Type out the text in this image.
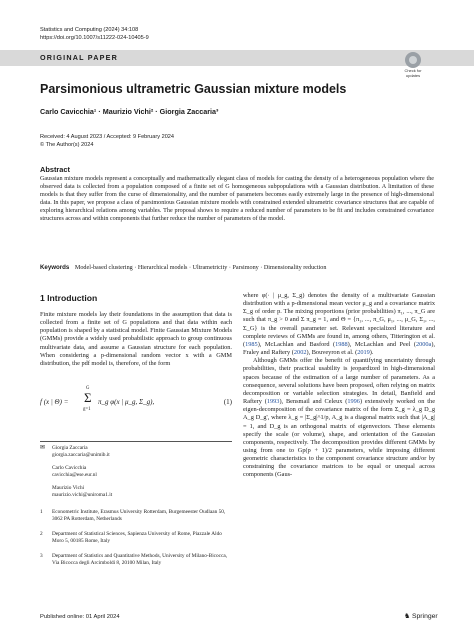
Statistics and Computing (2024) 34:108
https://doi.org/10.1007/s11222-024-10405-9
ORIGINAL PAPER
Check for
updates
Parsimonious ultrametric Gaussian mixture models
Carlo Cavicchia¹ · Maurizio Vichi² · Giorgia Zaccaria³
Received: 4 August 2023 / Accepted: 9 February 2024
© The Author(s) 2024
Abstract
Gaussian mixture models represent a conceptually and mathematically elegant class of models for casting the density of a heterogeneous population where the observed data is collected from a population composed of a finite set of G homogeneous subpopulations with a Gaussian distribution. A limitation of these models is that they suffer from the curse of dimensionality, and the number of parameters becomes easily extremely large in the presence of high-dimensional data. In this paper, we propose a class of parsimonious Gaussian mixture models with constrained extended ultrametric covariance structures that are capable of exploring hierarchical relations among variables. The proposal shows to require a reduced number of parameters to be fit and includes constrained covariance structures across and within components that further reduce the number of parameters of the model.
Keywords Model-based clustering · Hierarchical models · Ultrametricity · Parsimony · Dimensionality reduction
1 Introduction

Finite mixture models lay their foundations in the assumption that data is collected from a finite set of G populations and that data within each population is shaped by a statistical model. Finite Gaussian Mixture Models (GMMs) provide a widely used probabilistic approach to group continuous multivariate data, and assume a Gaussian structure for each population. When considering a p-dimensional random vector x with a GMM distribution, the pdf model is, therefore, of the form

f (x | Θ) =
G
Σ
g=1
π_g φ(x | μ_g, Σ_g),	(1)
✉ Giorgia Zaccaria
giorgia.zaccaria@unimib.it
Carlo Cavicchia
cavicchia@ese.eur.nl
Maurizio Vichi
maurizio.vichi@uniroma1.it
1 Econometric Institute, Erasmus University Rotterdam, Burgemeester Oudlaan 50, 3062 PA Rotterdam, Netherlands
2 Department of Statistical Sciences, Sapienza University of Rome, Piazzale Aldo Moro 5, 00185 Rome, Italy
3 Department of Statistics and Quantitative Methods, University of Milano-Bicocca, Via Bicocca degli Arcimboldi 8, 20100 Milan, Italy

where φ(· | μ_g, Σ_g) denotes the density of a multivariate Gaussian distribution with a p-dimensional mean vector μ_g and a covariance matrix Σ_g of order p. The mixing proportions (prior probabilities) π₁, ..., π_G are such that π_g > 0 and Σ π_g = 1, and Θ = {π₁, ..., π_G, μ₁, ..., μ_G, Σ₁, ..., Σ_G} is the overall parameter set. Relevant specialized literature and complete reviews of GMMs are found in, among others, Titterington et al. (1985), McLachlan and Basford (1988), McLachlan and Peel (2000a), Fraley and Raftery (2002), Bouveyron et al. (2019).

Although GMMs offer the benefit of quantifying uncertainty through probabilities, their practical usability is jeopardized in high-dimensional spaces because of the estimation of a large number of parameters. As a consequence, several solutions have been proposed, often relying on matrix decomposition or variable selection strategies. In detail, Banfield and Raftery (1993), Bensmail and Celeux (1996) extensively worked on the eigen-decomposition of the covariance matrix of the form Σ_g = λ_g D_g A_g D_g', where λ_g = |Σ_g|^1/p, A_g is a diagonal matrix such that |A_g| = 1, and D_g is an orthogonal matrix of eigenvectors. These elements specify the scale (or volume), shape, and orientation of the Gaussian components, respectively. The decomposition provides different GMMs by using from one to Gp(p + 1)/2 parameters, while imposing different geometric characteristics to the component covariance structure and/or by constraining the covariance matrices to be equal or unequal across components (Gaus-

Published online: 01 April 2024	♞ Springer
